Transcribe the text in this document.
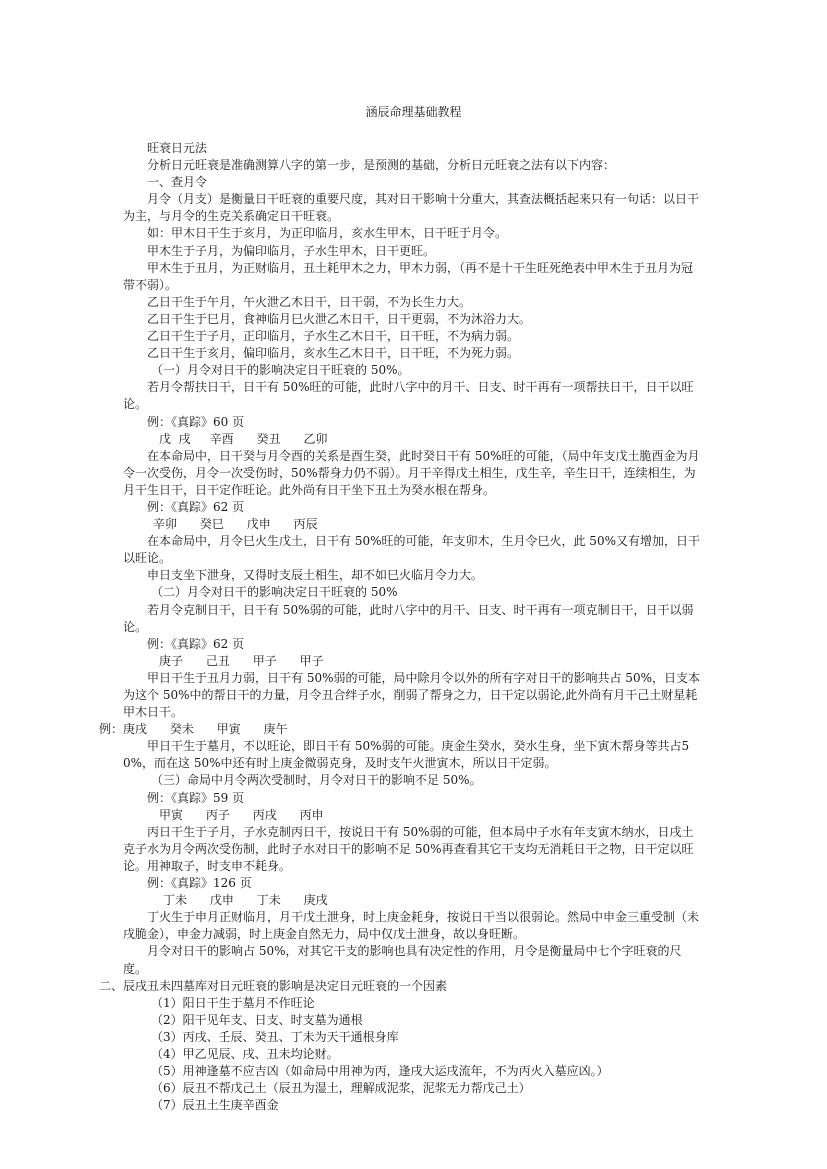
涵辰命理基础教程

旺衰日元法

分析日元旺衰是准确测算八字的第一步，是预测的基础，分析日元旺衰之法有以下内容：

一、查月令

月令（月支）是衡量日干旺衰的重要尺度，其对日干影响十分重大，其查法概括起来只有一句话：以日干为主，与月令的生克关系确定日干旺衰。

如：甲木日干生于亥月，为正印临月，亥水生甲木，日干旺于月令。

甲木生于子月，为偏印临月，子水生甲木，日干更旺。

甲木生于丑月，为正财临月，丑土耗甲木之力，甲木力弱，（再不是十干生旺死绝表中甲木生于丑月为冠带不弱）。

乙日干生于午月，午火泄乙木日干，日干弱，不为长生力大。

乙日干生于巳月，食神临月巳火泄乙木日干，日干更弱，不为沐浴力大。

乙日干生于子月，正印临月，子水生乙木日干，日干旺，不为病力弱。

乙日干生于亥月，偏印临月，亥水生乙木日干，日干旺，不为死力弱。

（一）月令对日干的影响决定日干旺衰的 50%。

若月令帮扶日干，日干有 50%旺的可能，此时八字中的月干、日支、时干再有一项帮扶日干，日干以旺论。

例：《真踪》60 页

戊  戌     辛酉      癸丑      乙卯

在本命局中，日干癸与月令酉的关系是酉生癸，此时癸日干有 50%旺的可能，（局中年支戊土脆酉金为月令一次受伤，月令一次受伤时，50%帮身力仍不弱）。月干辛得戊土相生，戊生辛，辛生日干，连续相生，为月干生日干，日干定作旺论。此外尚有日干坐下丑土为癸水根在帮身。

例：《真踪》62 页

辛卯      癸巳      戊申      丙辰

在本命局中，月令巳火生戊土，日干有 50%旺的可能，年支卯木，生月令巳火，此 50%又有增加，日干以旺论。

申日支坐下泄身，又得时支辰土相生，却不如巳火临月令力大。

（二）月令对日干的影响决定日干旺衰的 50%

若月令克制日干，日干有 50%弱的可能，此时八字中的月干、日支、时干再有一项克制日干，日干以弱论。

例：《真踪》62 页

庚子      己丑      甲子      甲子

甲日干生于丑月力弱，日干有 50%弱的可能，局中除月令以外的所有字对日干的影响共占 50%，日支本为这个 50%中的帮日干的力量，月令丑合绊子水，削弱了帮身之力，日干定以弱论,此外尚有月干己土财星耗甲木日干。

例：庚戌      癸未      甲寅      庚午

甲日干生于墓月，不以旺论，即日干有 50%弱的可能。庚金生癸水，癸水生身，坐下寅木帮身等共占50%，而在这 50%中还有时上庚金微弱克身，及时支午火泄寅木，所以日干定弱。

（三）命局中月令两次受制时，月令对日干的影响不足 50%。

例：《真踪》59 页

甲寅      丙子      丙戌      丙申

丙日干生于子月，子水克制丙日干，按说日干有 50%弱的可能，但本局中子水有年支寅木纳水，日戌土克子水为月令两次受伤制，此时子水对日干的影响不足 50%再查看其它干支均无消耗日干之物，日干定以旺论。用神取子，时支申不耗身。

例：《真踪》126 页

丁未      戊申      丁未      庚戌

丁火生于申月正财临月，月干戊土泄身，时上庚金耗身，按说日干当以很弱论。然局中申金三重受制（未戌脆金），申金力减弱，时上庚金自然无力，局中仅戊土泄身，故以身旺断。

月令对日干的影响占 50%，对其它干支的影响也具有决定性的作用，月令是衡量局中七个字旺衰的尺度。

二、辰戌丑未四墓库对日元旺衰的影响是决定日元旺衰的一个因素

（1）阳日干生于墓月不作旺论

（2）阳干见年支、日支、时支墓为通根

（3）丙戌、壬辰、癸丑、丁未为天干通根身库

（4）甲乙见辰、戌、丑未均论财。

（5）用神逢墓不应吉凶（如命局中用神为丙，逢戌大运戌流年，不为丙火入墓应凶。）

（6）辰丑不帮戊己土（辰丑为湿土，理解成泥浆，泥浆无力帮戊己土）

（7）辰丑土生庚辛酉金
